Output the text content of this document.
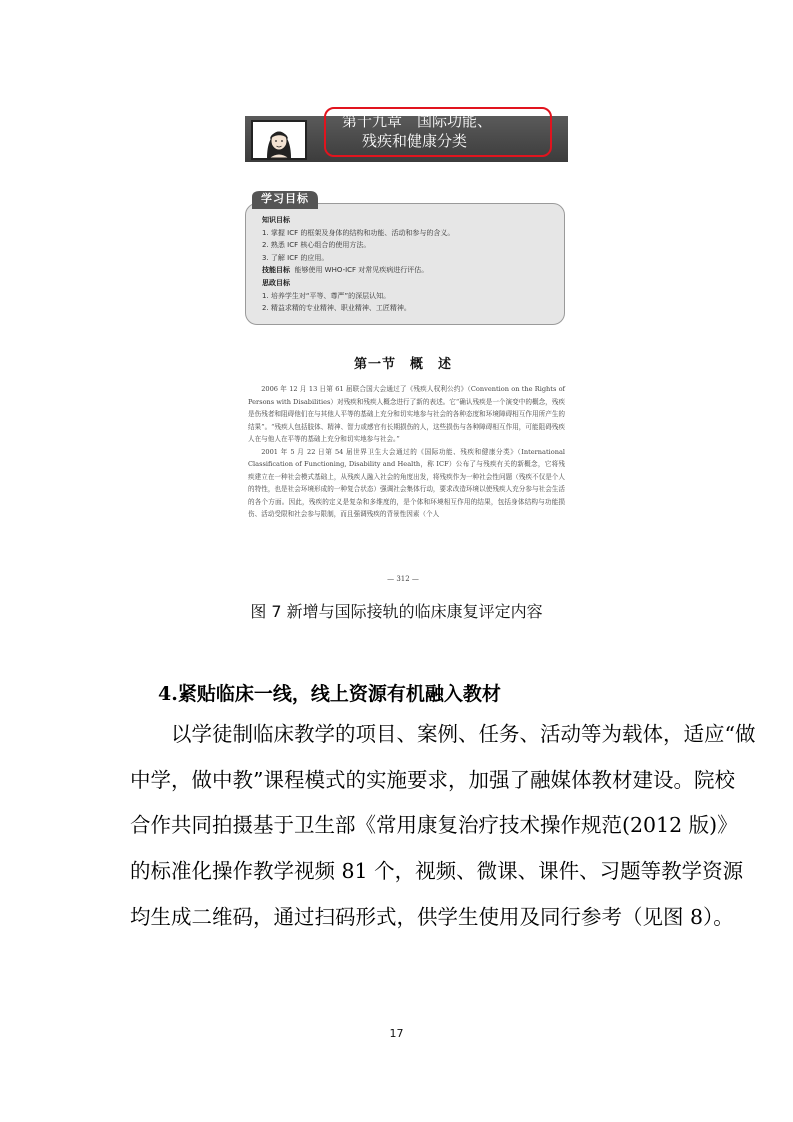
第十九章　国际功能、
残疾和健康分类
知识目标
1. 掌握 ICF 的框架及身体的结构和功能、活动和参与的含义。
2. 熟悉 ICF 核心组合的使用方法。
3. 了解 ICF 的应用。
技能目标 能够使用 WHO-ICF 对常见疾病进行评估。
思政目标
1. 培养学生对“平等、尊严”的深层认知。
2. 精益求精的专业精神、职业精神、工匠精神。
学习目标
第一节　概　述

2006 年 12 月 13 日第 61 届联合国大会通过了《残疾人权利公约》（Convention on the Rights of Persons with Disabilities）对残疾和残疾人概念进行了新的表述。它“确认残疾是一个演变中的概念，残疾是伤残者和阻碍他们在与其他人平等的基础上充分和切实地参与社会的各种态度和环境障碍相互作用所产生的结果”。“残疾人包括肢体、精神、智力或感官有长期损伤的人，这些损伤与各种障碍相互作用，可能阻碍残疾人在与他人在平等的基础上充分和切实地参与社会。”

2001 年 5 月 22 日第 54 届世界卫生大会通过的《国际功能、残疾和健康分类》（International Classification of Functioning, Disability and Health，称 ICF）公布了与残疾有关的新概念，它将残疾建立在一种社会模式基础上，从残疾人融入社会的角度出发，将残疾作为一种社会性问题（残疾不仅是个人的特性，也是社会环境形成的一种复合状态）强调社会集体行动，要求改造环境以使残疾人充分参与社会生活的各个方面。因此，残疾的定义是复杂和多维度的，是个体和环境相互作用的结果，包括身体结构与功能损伤、活动受限和社会参与限制，而且强调残疾的背景性因素（个人

— 312 —
图 7 新增与国际接轨的临床康复评定内容
4.紧贴临床一线，线上资源有机融入教材
　　以学徒制临床教学的项目、案例、任务、活动等为载体，适应“做
中学，做中教”课程模式的实施要求，加强了融媒体教材建设。院校
合作共同拍摄基于卫生部《常用康复治疗技术操作规范(2012 版)》
的标准化操作教学视频 81 个，视频、微课、课件、习题等教学资源
均生成二维码，通过扫码形式，供学生使用及同行参考（见图 8）。
17
